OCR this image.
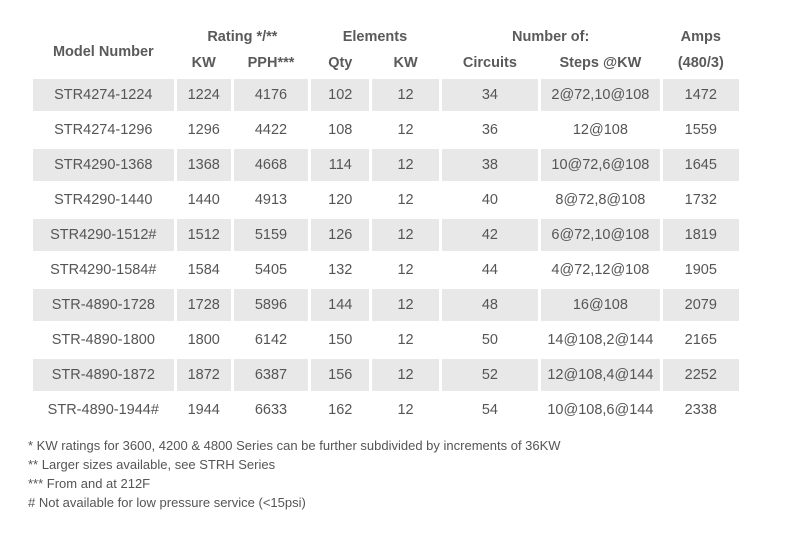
Model Number	Rating */**		Elements		Number of:		Amps
	KW	PPH***	Qty	KW	Circuits	Steps @KW	(480/3)
STR4274-1224	1224	4176	102	12	34	2@72,10@108	1472
STR4274-1296	1296	4422	108	12	36	12@108	1559
STR4290-1368	1368	4668	114	12	38	10@72,6@108	1645
STR4290-1440	1440	4913	120	12	40	8@72,8@108	1732
STR4290-1512#	1512	5159	126	12	42	6@72,10@108	1819
STR4290-1584#	1584	5405	132	12	44	4@72,12@108	1905
STR-4890-1728	1728	5896	144	12	48	16@108	2079
STR-4890-1800	1800	6142	150	12	50	14@108,2@144	2165
STR-4890-1872	1872	6387	156	12	52	12@108,4@144	2252
STR-4890-1944#	1944	6633	162	12	54	10@108,6@144	2338
* KW ratings for 3600, 4200 & 4800 Series can be further subdivided by increments of 36KW
** Larger sizes available, see STRH Series
*** From and at 212F
# Not available for low pressure service (<15psi)
